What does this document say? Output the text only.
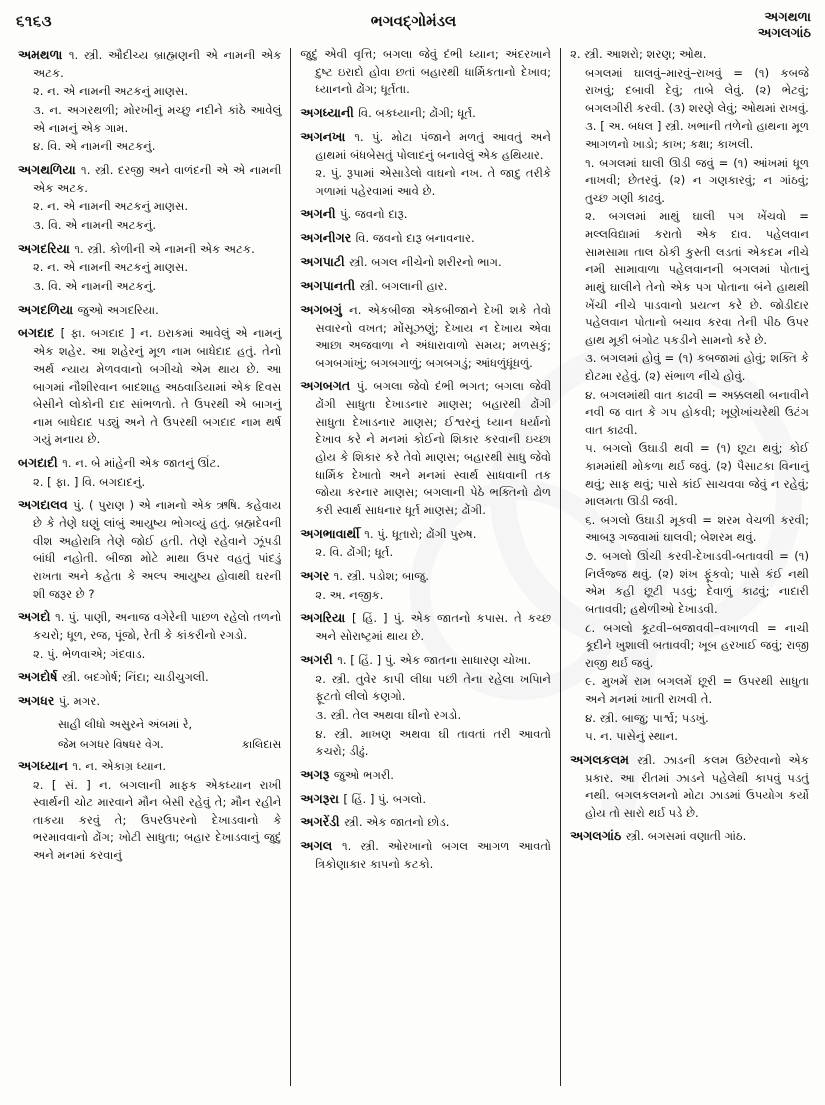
૬૧૬૩	ભગવદ્ગોમંડલ	અગથળા
અગલગાંઠ

અમથળા ૧. સ્ત્રી. ઔદીચ્ય બ્રાહ્મણની એ નામની એક અટક.

૨. ન. એ નામની અટકનું માણસ.

૩. ન. અગરથળી; મોરખીનું મચ્છુ નદીને કાંઠે આવેલું એ નામનું એક ગામ.

૪. વિ. એ નામની અટકનું.

અગથળિયા ૧. સ્ત્રી. દરજી અને વાળંદની એ એ નામની એક અટક.

૨. ન. એ નામની અટકનું માણસ.

૩. વિ. એ નામની અટકનું.

અગદરિયા ૧. સ્ત્રી. કોળીની એ નામની એક અટક.

૨. ન. એ નામની અટકનું માણસ.

૩. વિ. એ નામની અટકનું.

અગદળિયા જુઓ અગદરિયા.

બગદાદ [ ફા. બગદાદ ] ન. ઇરાકમાં આવેલું એ નામનું એક શહેર. આ શહેરનું મૂળ નામ બાધેદાદ હતું. તેનો અર્થ ન્યાય મેળવવાનો બગીચો એમ થાય છે. આ બાગમાં નૌશીરવાન બાદશાહ અઠવાડિયામાં એક દિવસ બેસીને લોકોની દાદ સાંભળતો. તે ઉપરથી એ બાગનું નામ બાધેદાદ પડ્યું અને તે ઉપરથી બગદાદ નામ થર્ષ ગયું મનાય છે.

બગદાદી ૧. ન. બે માંહેની એક જાતનું ઊંટ.

૨. [ ફા. ] વિ. બગદાદનું.

અગદાલવ પું. ( પુરાણ ) એ નામનો એક ઋષિ. કહેવાય છે કે તેણે ઘણું લાંબું આયુષ્ય ભોગવ્યું હતું. બ્રહ્મદેવની વીશ અહોરાત્રિ તેણે જોઈ હતી. તેણે રહેવાને ઝૂંપડી બાંધી નહોતી. બીજા મોટે માથા ઉપર વહતું પાંદડું રાખતા અને કહેતા કે અલ્પ આયુષ્ય હોવાથી ઘરની શી જરૂર છે ?

અગદો ૧. પું. પાણી, અનાજ વગેરેની પાછળ રહેલો તળનો કચરો; ધૂળ, રજ, પૂંજો, રેતી કે કાંકરીનો રગડો.

૨. પું. ભેળવાએ; ગંદવાડ.

અગદોર્ષ સ્ત્રી. બદગોર્ષ; નિંદા; ચાડીચુગલી.

અગધર પું. મગર.

સાહી લીધો અસુરને અંબમાં રે,
જેમ બગધર વિષધર વેગ.	કાલિદાસ

અગધ્યાન ૧. ન. એકાગ્ર ધ્યાન.

૨. [ સં. ] ન. બગલાની માફક એકધ્યાન રાખી સ્વાર્થની ચોટ મારવાને મૌન બેસી રહેવું તે; મૌન રહીને તાકયા કરવું તે; ઉપરઉપરનો દેખાડવાનો કે ભરમાવવાનો ઢોંગ; ખોટી સાધુતા; બહાર દેખાડવાનું જુદું અને મનમાં કરવાનું

જુદું એવી વૃત્તિ; બગલા જેવું દંભી ધ્યાન; અંદરખાને દુષ્ટ ઇરાદો હોવા છતાં બહારથી ધાર્મિકતાનો દેખાવ; ધ્યાનનો ઢોંગ; ધૂર્તતા.

અગધ્યાની વિ. બકધ્યાની; ઢોંગી; ધૂર્ત.

અગનખા ૧. પું. મોટા પંજાને મળતું આવતું અને હાથમાં બંધબેસતું પોલાદનું બનાવેલું એક હથિયાર.

૨. પું. રૂપામાં એસાડેલો વાઘનો નખ. તે જાદુ તરીકે ગળામાં પહેરવામાં આવે છે.

અગની પું. જવનો દારૂ.

અગનીગર વિ. જવનો દારૂ બનાવનાર.

અગપાટી સ્ત્રી. બગલ નીચેનો શરીરનો ભાગ.

અગપાનતી સ્ત્રી. બગલાની હાર.

અગબગું ન. એકબીજા એકબીજાને દેખી શકે તેવો સવારનો વખત; મોંસૂઝણું; દેખાય ન દેખાય એવા આછા અજવાળા ને અંધારાવાળો સમય; મળસકું; બગબગાંખું; બગબગાળું; બગબગડું; આંધળુંધૂંધળું.

અગબગત પું. બગલા જેવો દંભી ભગત; બગલા જેવી ઢોંગી સાધુતા દેખાડનાર માણસ; બહારથી ઢોંગી સાધુતા દેખાડનાર માણસ; ઈશ્વરનું ધ્યાન ધર્યાનો દેખાવ કરે ને મનમાં કોઈનો શિકાર કરવાની ઇચ્છા હોય કે શિકાર કરે તેવો માણસ; બહારથી સાધુ જેવો ધાર્મિક દેખાતો અને મનમાં સ્વાર્થ સાધવાની તક જોયા કરનાર માણસ; બગલાની પેઠે ભક્તિનો ઢોળ કરી સ્વાર્થ સાધનાર ધૂર્ત માણસ; ઢોંગી.

અગભાવાર્થી ૧. પું. ધૂતારો; ઢોંગી પુરુષ.

૨. વિ. ઢોંગી; ધૂર્ત.

અગર ૧. સ્ત્રી. પડોશ; બાજુ.

૨. અ. નજીક.

અગરિયા [ હિં. ] પું. એક જાતનો કપાસ. તે કચ્છ અને સોરાષ્ટ્રમાં થાય છે.

અગરી ૧. [ હિં. ] પું. એક જાતના સાધારણ ચોખા.

૨. સ્ત્રી. તુવેર કાપી લીધા પછી તેના રહેલા ખપિાને ફૂટતો લીલો કણગો.

૩. સ્ત્રી. તેલ અથવા ઘીનો રગડો.

૪. સ્ત્રી. માખણ અથવા ઘી તાવતાં તરી આવતો કચરો; ડીઢું.

અગરૂ જુઓ ભગરી.

અગરૂરા [ હિં. ] પું. બગલો.

અગરેંડી સ્ત્રી. એક જાતનો છોડ.

અગલ ૧. સ્ત્રી. ઓરખાનો બગલ આગળ આવતો ત્રિકોણાકાર કાપનો કટકો.

૨. સ્ત્રી. આશરો; શરણ; ઓથ.

બગલમાં ઘાલવું–મારવું–રાખવું = (૧) કબજે રાખવું; દબાવી દેવું; તાબે લેવું. (૨) ભેટવું; બગલગીરી કરવી. (૩) શરણે લેવું; ઓથમાં રાખવું.

૩. [ અ. બધલ ] સ્ત્રી. ખભાની તળેનો હાથના મૂળ આગળનો ખાડો; કાખ; કક્ષા; કાખલી.

૧. બગલમાં ઘાલી ઊડી જવું = (૧) આંખમાં ધૂળ નાખવી; છેતરવું. (૨) ન ગણકારવું; ન ગાંઠવું; તુચ્છ ગણી કાઢવું.

૨. બગલમાં માથું ઘાલી પગ ખેંચવો = મલ્લવિદ્યામાં કરાતો એક દાવ. પહેલવાન સામસામા તાલ ઠોકી કુસ્તી લડતાં એકદમ નીચે નમી સામાવાળા પહેલવાનની બગલમાં પોતાનું માથું ઘાલીને તેનો એક પગ પોતાના બંને હાથથી ખેંચી નીચે પાડવાનો પ્રયત્ન કરે છે. જોડીદાર પહેલવાન પોતાનો બચાવ કરવા તેની પીઠ ઉપર હાથ મૂકી બંગોટ પકડીને સામનો કરે છે.

૩. બગલમાં હોવું = (૧) કબજામાં હોવું; શક્તિ કે દોટમા રહેવું. (૨) સંભાળ નીચે હોવું.

૪. બગલમાંથી વાત કાઢવી = અક્કલથી બનાવીને નવી જ વાત કે ગપ હોકવી; ખૂણેખાંચરેથી ઉટંગ વાત કાઢવી.

૫. બગલો ઉઘાડી થવી = (૧) છૂટા થવું; કોઈ કામમાંથી મોકળા થર્ઇ જવું. (૨) પૈસાટકા વિનાનું થવું; સાફ થવું; પાસે કાંઈ સાચવવા જેવું ન રહેવું; માલમતા ઊડી જવી.

૬. બગલો ઉઘાડી મૂકવી = શરમ વેચળી કરવી; આબરૂ ગજવામાં ઘાલવી; બેશરમ થવું.

૭. બગલો ઊંચી કરવી-દેખાડવી-બતાવવી = (૧) નિર્લજ્જ થવું. (૨) શંખ ફૂંકવો; પાસે કંઈ નથી એમ કહી છૂટી પડવું; દેવાળું કાઢવું; નાદારી બતાવવી; હથેળીઓ દેખાડવી.

૮. બગલો કૂટવી–બજાવવી–વખાળવી = નાચી કૂદીને ખુશાલી બતાવવી; ખૂબ હરખાઈ જવું; રાજી રાજી થર્ઇ જવું.

૯. મુખમેં રામ બગલમેં છૂરી = ઉપરથી સાધુતા અને મનમાં ખાતી રાખવી તે.

૪. સ્ત્રી. બાજુ; પાર્શ્વ; પડખું.

૫. ન. પાસેનું સ્થાન.

અગલકલમ સ્ત્રી. ઝાડની કલમ ઉછેરવાનો એક પ્રકાર. આ રીતમાં ઝાડને પહેલેથી કાપવું પડતું નથી. બગલકલમનો મોટા ઝાડમાં ઉપયોગ કર્યો હોય તો સારો થર્ઇ પડે છે.

અગલગાંઠ સ્ત્રી. બગસમાં વણાતી ગાંઠ.
